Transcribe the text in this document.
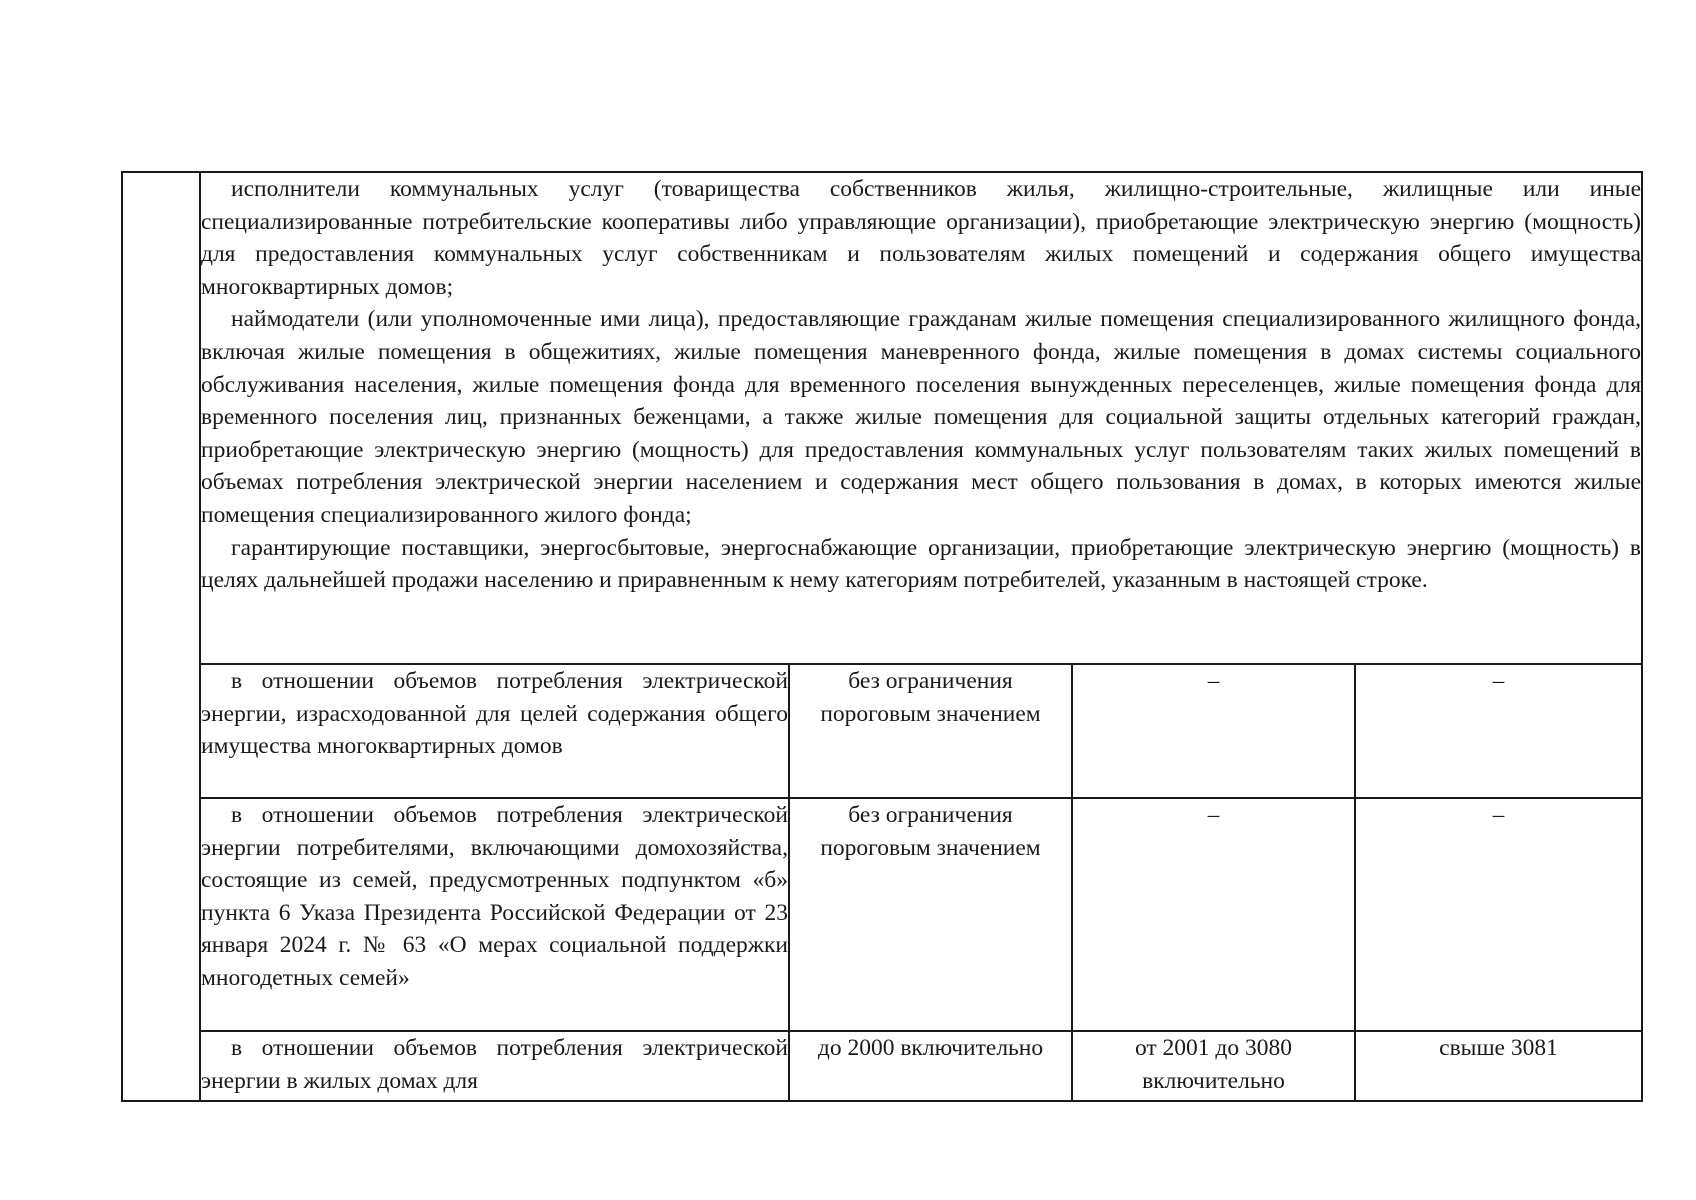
	исполнители коммунальных услуг (товарищества собственников жилья, жилищно-строительные, жилищные или иные специализированные потребительские кооперативы либо управляющие организации), приобретающие электрическую энергию (мощность) для предоставления коммунальных услуг собственникам и пользователям жилых помещений и содержания общего имущества многоквартирных домов;

наймодатели (или уполномоченные ими лица), предоставляющие гражданам жилые помещения специализированного жилищного фонда, включая жилые помещения в общежитиях, жилые помещения маневренного фонда, жилые помещения в домах системы социального обслуживания населения, жилые помещения фонда для временного поселения вынужденных переселенцев, жилые помещения фонда для временного поселения лиц, признанных беженцами, а также жилые помещения для социальной защиты отдельных категорий граждан, приобретающие электрическую энергию (мощность) для предоставления коммунальных услуг пользователям таких жилых помещений в объемах потребления электрической энергии населением и содержания мест общего пользования в домах, в которых имеются жилые помещения специализированного жилого фонда;

гарантирующие поставщики, энергосбытовые, энергоснабжающие организации, приобретающие электрическую энергию (мощность) в целях дальнейшей продажи населению и приравненным к нему категориям потребителей, указанным в настоящей строке.			

	в отношении объемов потребления электрической энергии, израсходованной для целей содержания общего имущества многоквартирных домов	без ограничения пороговым значением	–	–

	в отношении объемов потребления электрической энергии потребителями, включающими домохозяйства, состоящие из семей, предусмотренных подпунктом «б» пункта 6 Указа Президента Российской Федерации от 23 января 2024 г. № 63 «О мерах социальной поддержки многодетных семей»	без ограничения пороговым значением	–	–

	в отношении объемов потребления электрической энергии в жилых домах для	до 2000 включительно	от 2001 до 3080 включительно	свыше 3081
